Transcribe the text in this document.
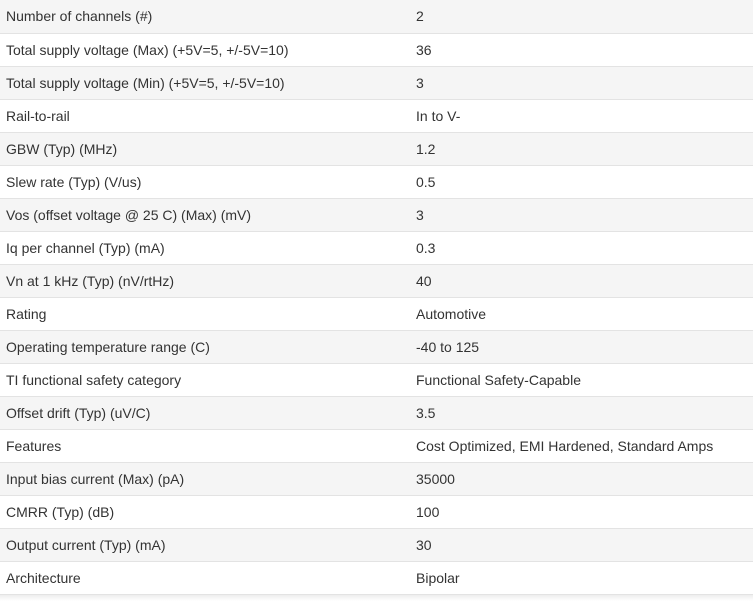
Number of channels (#)	2
Total supply voltage (Max) (+5V=5, +/-5V=10)	36
Total supply voltage (Min) (+5V=5, +/-5V=10)	3
Rail-to-rail	In to V-
GBW (Typ) (MHz)	1.2
Slew rate (Typ) (V/us)	0.5
Vos (offset voltage @ 25 C) (Max) (mV)	3
Iq per channel (Typ) (mA)	0.3
Vn at 1 kHz (Typ) (nV/rtHz)	40
Rating	Automotive
Operating temperature range (C)	-40 to 125
TI functional safety category	Functional Safety-Capable
Offset drift (Typ) (uV/C)	3.5
Features	Cost Optimized, EMI Hardened, Standard Amps
Input bias current (Max) (pA)	35000
CMRR (Typ) (dB)	100
Output current (Typ) (mA)	30
Architecture	Bipolar
